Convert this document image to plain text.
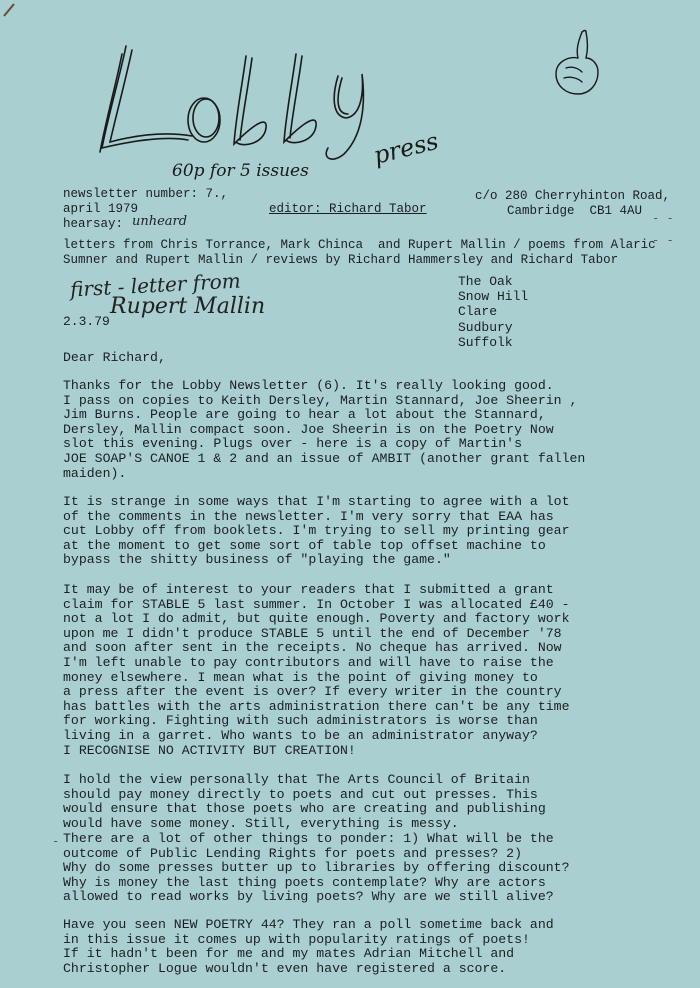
60p for 5 issues
press
newsletter number: 7.,
april 1979
hearsay: unheard
editor: Richard Tabor
c/o 280 Cherryhinton Road,
Cambridge  CB1 4AU
letters from Chris Torrance, Mark Chinca  and Rupert Mallin / poems from Alaric
Sumner and Rupert Mallin / reviews by Richard Hammersley and Richard Tabor
- -
- -
first - letter from
Rupert Mallin
2.3.79
The Oak
Snow Hill
Clare
Sudbury
Suffolk
Dear Richard,
Thanks for the Lobby Newsletter (6). It's really looking good.
I pass on copies to Keith Dersley, Martin Stannard, Joe Sheerin ,
Jim Burns. People are going to hear a lot about the Stannard,
Dersley, Mallin compact soon. Joe Sheerin is on the Poetry Now
slot this evening. Plugs over - here is a copy of Martin's
JOE SOAP'S CANOE 1 & 2 and an issue of AMBIT (another grant fallen
maiden).
It is strange in some ways that I'm starting to agree with a lot
of the comments in the newsletter. I'm very sorry that EAA has
cut Lobby off from booklets. I'm trying to sell my printing gear
at the moment to get some sort of table top offset machine to
bypass the shitty business of "playing the game."
It may be of interest to your readers that I submitted a grant
claim for STABLE 5 last summer. In October I was allocated £40 -
not a lot I do admit, but quite enough. Poverty and factory work
upon me I didn't produce STABLE 5 until the end of December '78
and soon after sent in the receipts. No cheque has arrived. Now
I'm left unable to pay contributors and will have to raise the
money elsewhere. I mean what is the point of giving money to
a press after the event is over? If every writer in the country
has battles with the arts administration there can't be any time
for working. Fighting with such administrators is worse than
living in a garret. Who wants to be an administrator anyway?
I RECOGNISE NO ACTIVITY BUT CREATION!
I hold the view personally that The Arts Council of Britain
should pay money directly to poets and cut out presses. This
would ensure that those poets who are creating and publishing
would have some money. Still, everything is messy.
- There are a lot of other things to ponder: 1) What will be the
outcome of Public Lending Rights for poets and presses? 2)
Why do some presses butter up to libraries by offering discount?
Why is money the last thing poets contemplate? Why are actors
allowed to read works by living poets? Why are we still alive?
Have you seen NEW POETRY 44? They ran a poll sometime back and
in this issue it comes up with popularity ratings of poets!
If it hadn't been for me and my mates Adrian Mitchell and
Christopher Logue wouldn't even have registered a score.
